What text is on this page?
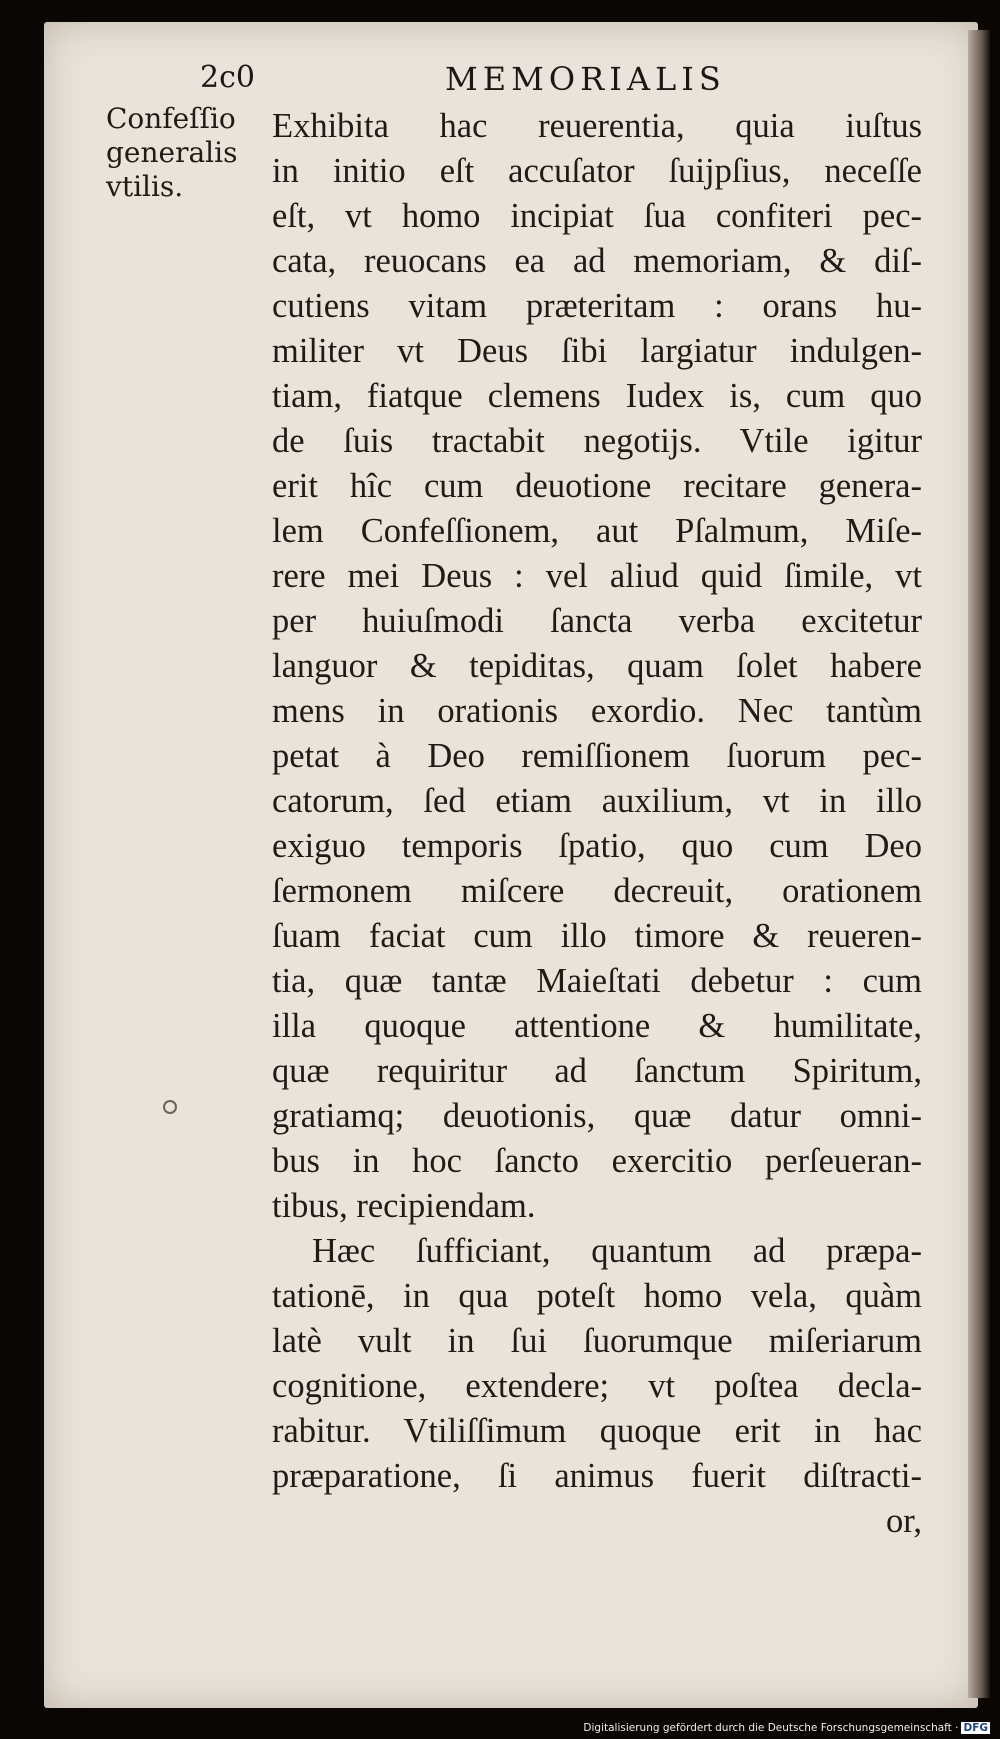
2c0	MEMORIALIS
Confeſſio
generalis
vtilis.
Exhibita hac reuerentia, quia iuſtus
in initio eſt accuſator ſuijpſius, neceſſe
eſt, vt homo incipiat ſua confiteri pec-
cata, reuocans ea ad memoriam, & diſ-
cutiens vitam præteritam : orans hu-
militer vt Deus ſibi largiatur indulgen-
tiam, fiatque clemens Iudex is, cum quo
de ſuis tractabit negotijs. Vtile igitur
erit hîc cum deuotione recitare genera-
lem Confeſſionem, aut Pſalmum, Miſe-
rere mei Deus : vel aliud quid ſimile, vt
per huiuſmodi ſancta verba excitetur
languor & tepiditas, quam ſolet habere
mens in orationis exordio. Nec tantùm
petat à Deo remiſſionem ſuorum pec-
catorum, ſed etiam auxilium, vt in illo
exiguo temporis ſpatio, quo cum Deo
ſermonem miſcere decreuit, orationem
ſuam faciat cum illo timore & reueren-
tia, quæ tantæ Maieſtati debetur : cum
illa quoque attentione & humilitate,
quæ requiritur ad ſanctum Spiritum,
gratiamq; deuotionis, quæ datur omni-
bus in hoc ſancto exercitio perſeueran-
tibus, recipiendam.
Hæc ſufficiant, quantum ad præpa-
tationē, in qua poteſt homo vela, quàm
latè vult in ſui ſuorumque miſeriarum
cognitione, extendere; vt poſtea decla-
rabitur. Vtiliſſimum quoque erit in hac
præparatione, ſi animus fuerit diſtracti-
or,
Digitalisierung gefördert durch die Deutsche Forschungsgemeinschaft · DFG
